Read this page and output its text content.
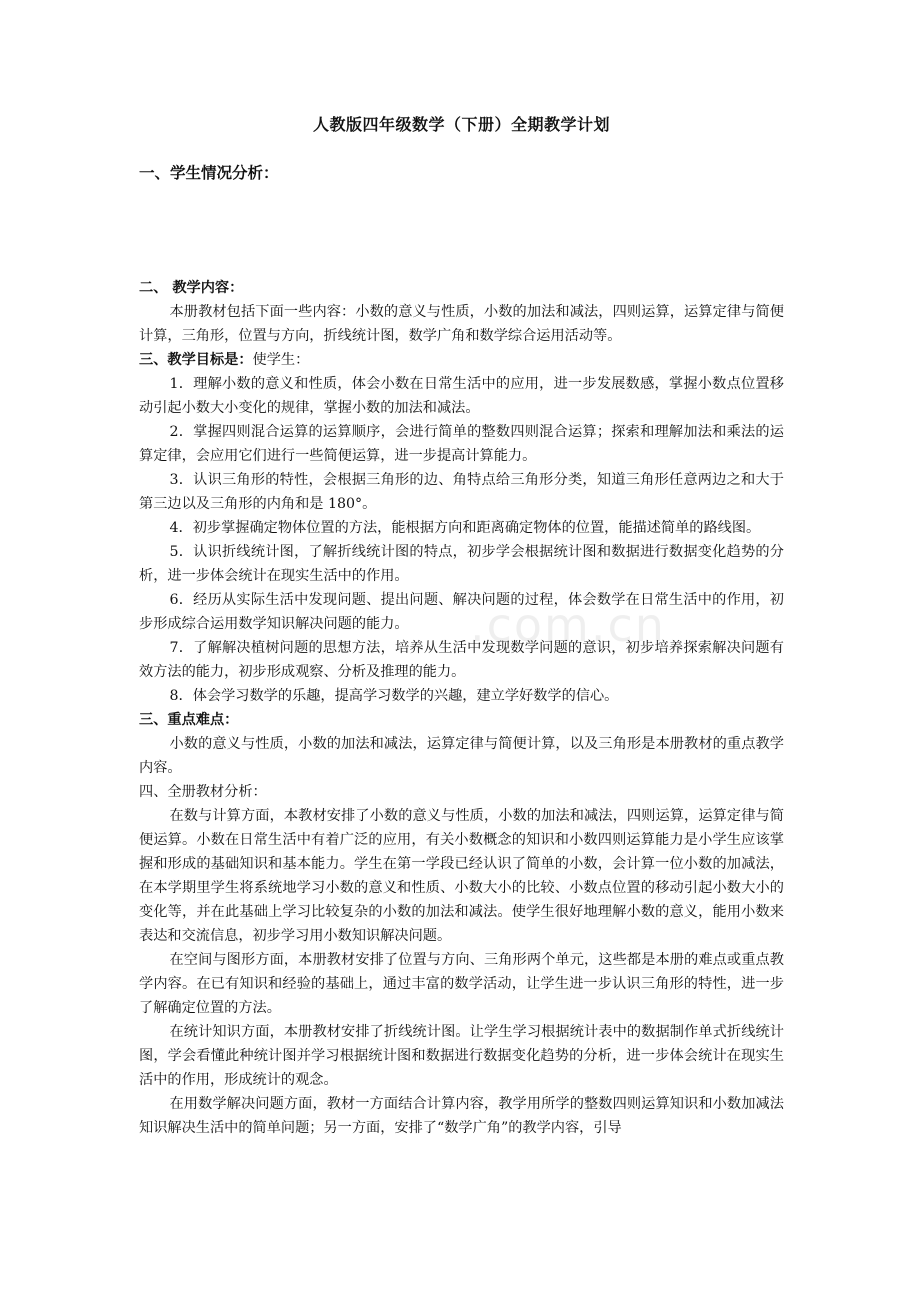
.com.cn
人教版四年级数学（下册）全期教学计划
一、学生情况分析：
二、 教学内容：

本册教材包括下面一些内容：小数的意义与性质，小数的加法和减法，四则运算，运算定律与简便计算，三角形，位置与方向，折线统计图，数学广角和数学综合运用活动等。

三、教学目标是：使学生：

1．理解小数的意义和性质，体会小数在日常生活中的应用，进一步发展数感，掌握小数点位置移动引起小数大小变化的规律，掌握小数的加法和减法。

2．掌握四则混合运算的运算顺序，会进行简单的整数四则混合运算；探索和理解加法和乘法的运算定律，会应用它们进行一些简便运算，进一步提高计算能力。

3．认识三角形的特性，会根据三角形的边、角特点给三角形分类，知道三角形任意两边之和大于第三边以及三角形的内角和是 180°。

4．初步掌握确定物体位置的方法，能根据方向和距离确定物体的位置，能描述简单的路线图。

5．认识折线统计图，了解折线统计图的特点，初步学会根据统计图和数据进行数据变化趋势的分析，进一步体会统计在现实生活中的作用。

6．经历从实际生活中发现问题、提出问题、解决问题的过程，体会数学在日常生活中的作用，初步形成综合运用数学知识解决问题的能力。

7．了解解决植树问题的思想方法，培养从生活中发现数学问题的意识，初步培养探索解决问题有效方法的能力，初步形成观察、分析及推理的能力。

8．体会学习数学的乐趣，提高学习数学的兴趣，建立学好数学的信心。

三、重点难点：

小数的意义与性质，小数的加法和减法，运算定律与简便计算，以及三角形是本册教材的重点教学内容。

四、全册教材分析：

在数与计算方面，本教材安排了小数的意义与性质，小数的加法和减法，四则运算，运算定律与简便运算。小数在日常生活中有着广泛的应用，有关小数概念的知识和小数四则运算能力是小学生应该掌握和形成的基础知识和基本能力。学生在第一学段已经认识了简单的小数，会计算一位小数的加减法，在本学期里学生将系统地学习小数的意义和性质、小数大小的比较、小数点位置的移动引起小数大小的变化等，并在此基础上学习比较复杂的小数的加法和减法。使学生很好地理解小数的意义，能用小数来表达和交流信息，初步学习用小数知识解决问题。

在空间与图形方面，本册教材安排了位置与方向、三角形两个单元，这些都是本册的难点或重点教学内容。在已有知识和经验的基础上，通过丰富的数学活动，让学生进一步认识三角形的特性，进一步了解确定位置的方法。

在统计知识方面，本册教材安排了折线统计图。让学生学习根据统计表中的数据制作单式折线统计图，学会看懂此种统计图并学习根据统计图和数据进行数据变化趋势的分析，进一步体会统计在现实生活中的作用，形成统计的观念。

在用数学解决问题方面，教材一方面结合计算内容，教学用所学的整数四则运算知识和小数加减法知识解决生活中的简单问题；另一方面，安排了“数学广角”的教学内容，引导
